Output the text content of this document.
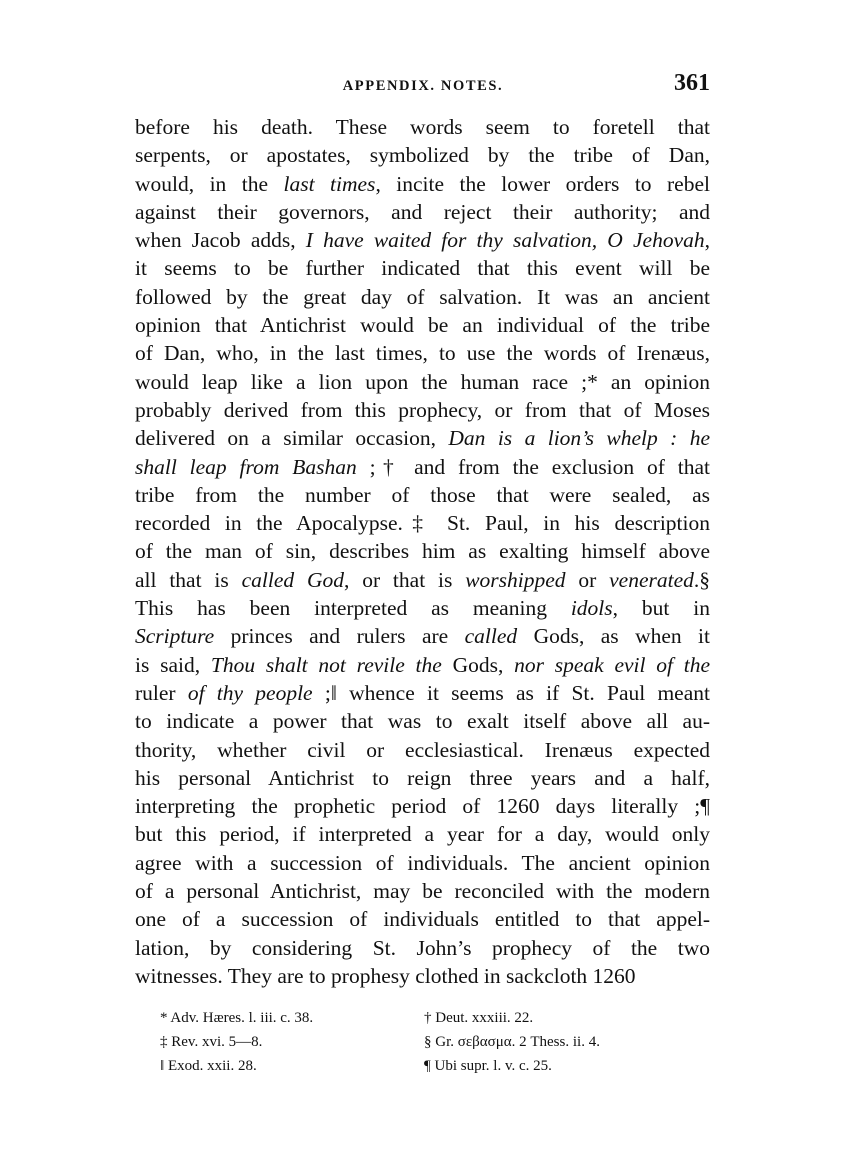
APPENDIX. NOTES.	361
before his death. These words seem to foretell that
serpents, or apostates, symbolized by the tribe of Dan,
would, in the last times, incite the lower orders to rebel
against their governors, and reject their authority; and
when Jacob adds, I have waited for thy salvation, O Jehovah,
it seems to be further indicated that this event will be
followed by the great day of salvation. It was an ancient
opinion that Antichrist would be an individual of the tribe
of Dan, who, in the last times, to use the words of Irenæus,
would leap like a lion upon the human race ;* an opinion
probably derived from this prophecy, or from that of Moses
delivered on a similar occasion, Dan is a lion’s whelp : he
shall leap from Bashan ;† and from the exclusion of that
tribe from the number of those that were sealed, as
recorded in the Apocalypse.‡ St. Paul, in his description
of the man of sin, describes him as exalting himself above
all that is called God, or that is worshipped or venerated.§
This has been interpreted as meaning idols, but in
Scripture princes and rulers are called Gods, as when it
is said, Thou shalt not revile the Gods, nor speak evil of the
ruler of thy people ;‖ whence it seems as if St. Paul meant
to indicate a power that was to exalt itself above all au-
thority, whether civil or ecclesiastical. Irenæus expected
his personal Antichrist to reign three years and a half,
interpreting the prophetic period of 1260 days literally ;¶
but this period, if interpreted a year for a day, would only
agree with a succession of individuals. The ancient opinion
of a personal Antichrist, may be reconciled with the modern
one of a succession of individuals entitled to that appel-
lation, by considering St. John’s prophecy of the two
witnesses. They are to prophesy clothed in sackcloth 1260
* Adv. Hæres. l. iii. c. 38.	† Deut. xxxiii. 22.
‡ Rev. xvi. 5—8.	§ Gr. σεβασμα. 2 Thess. ii. 4.
‖ Exod. xxii. 28.	¶ Ubi supr. l. v. c. 25.
